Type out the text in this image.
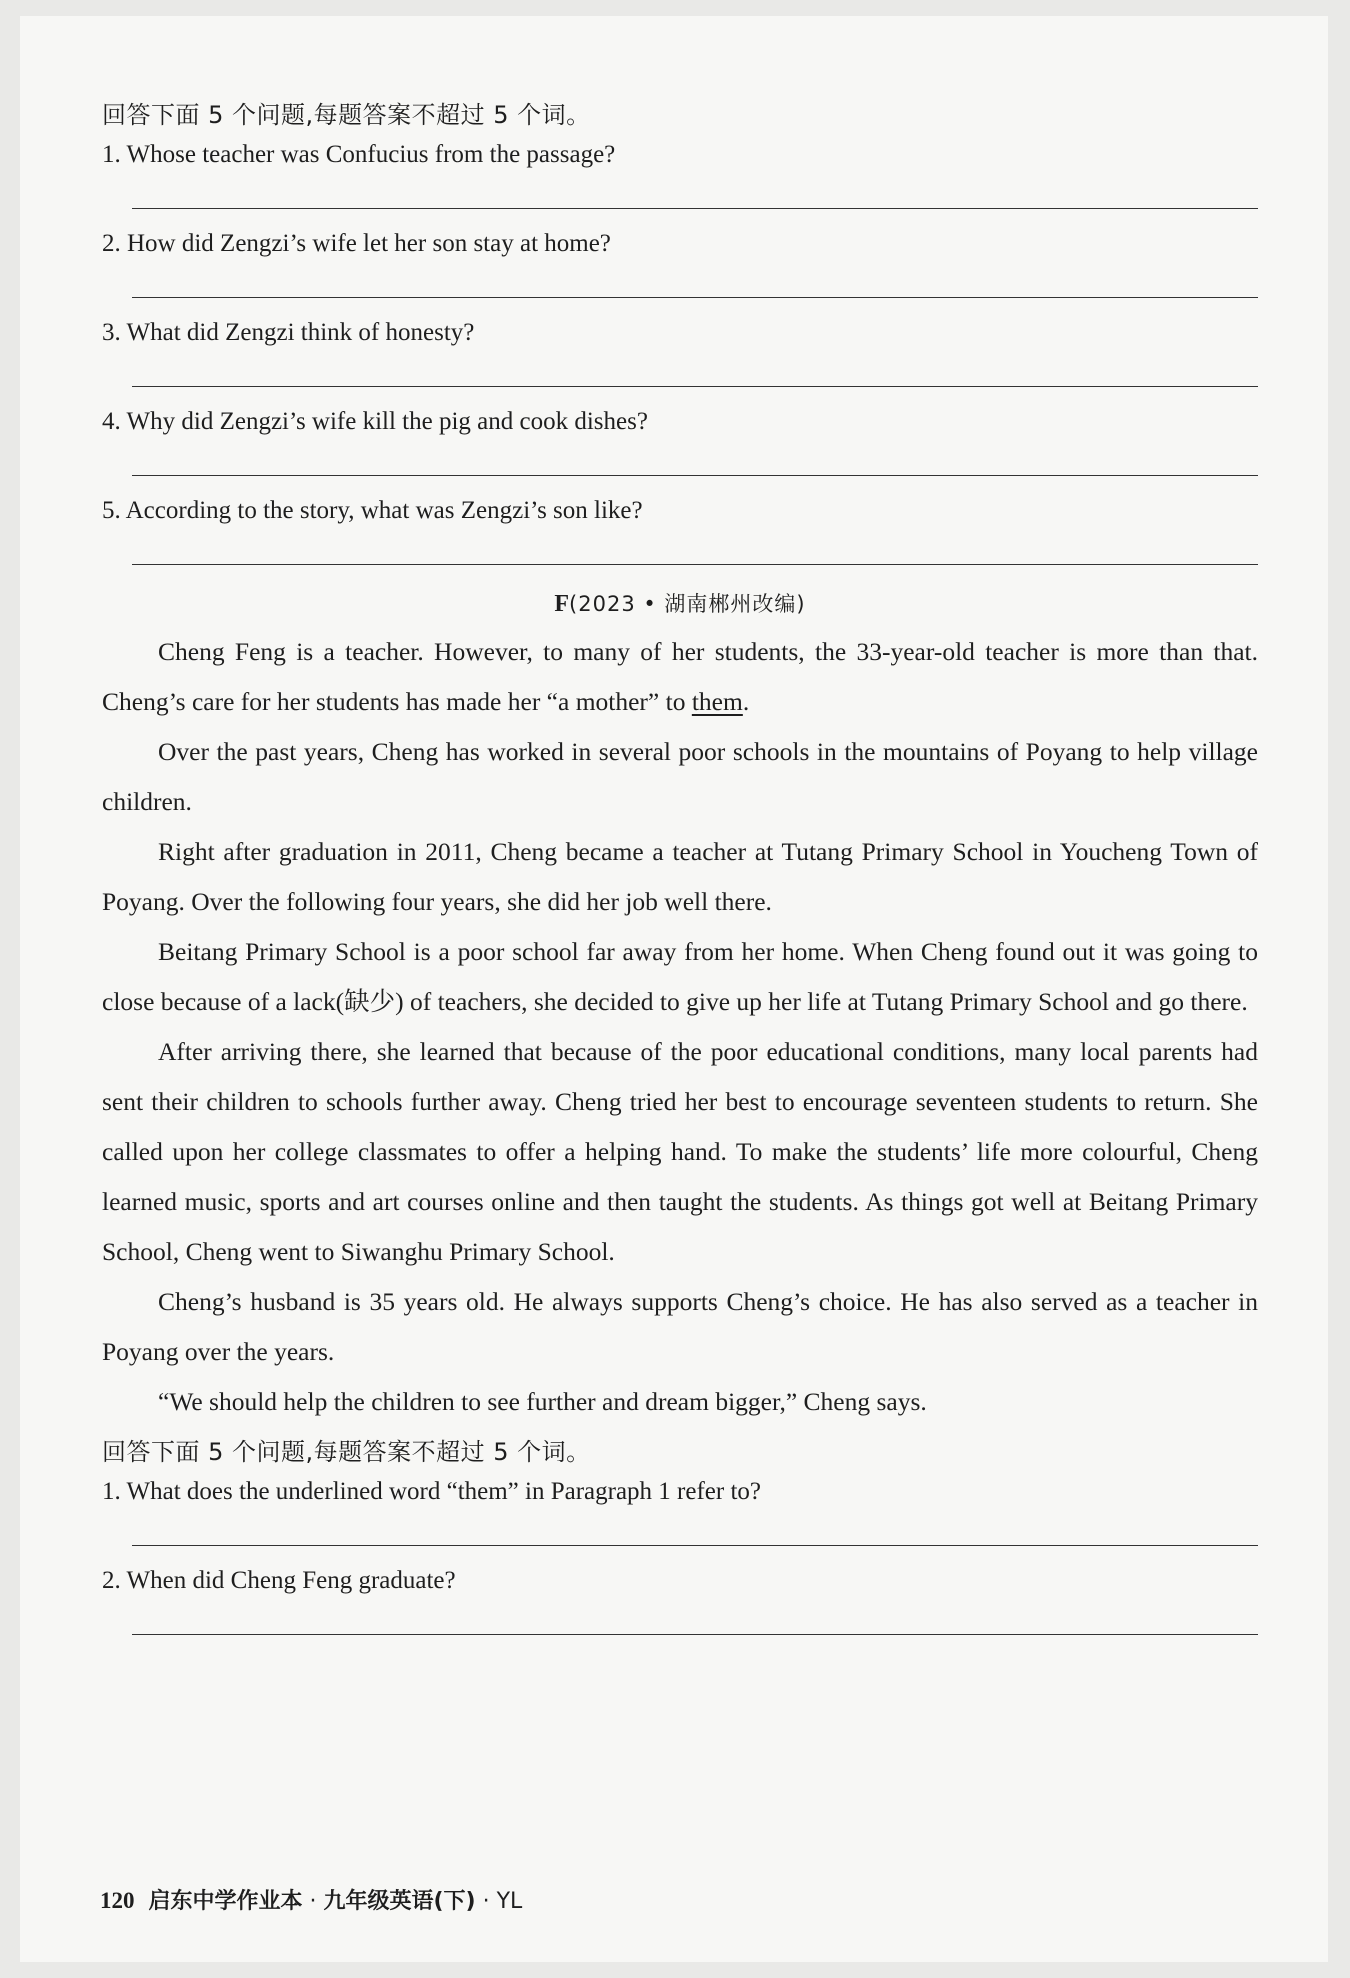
回答下面 5 个问题,每题答案不超过 5 个词。
1. Whose teacher was Confucius from the passage?
2. How did Zengzi’s wife let her son stay at home?
3. What did Zengzi think of honesty?
4. Why did Zengzi’s wife kill the pig and cook dishes?
5. According to the story, what was Zengzi’s son like?
F(2023 • 湖南郴州改编)

Cheng Feng is a teacher. However, to many of her students, the 33-year-old teacher is more than that. Cheng’s care for her students has made her “a mother” to them.

Over the past years, Cheng has worked in several poor schools in the mountains of Poyang to help village children.

Right after graduation in 2011, Cheng became a teacher at Tutang Primary School in Youcheng Town of Poyang. Over the following four years, she did her job well there.

Beitang Primary School is a poor school far away from her home. When Cheng found out it was going to close because of a lack(缺少) of teachers, she decided to give up her life at Tutang Primary School and go there.

After arriving there, she learned that because of the poor educational conditions, many local parents had sent their children to schools further away. Cheng tried her best to encourage seventeen students to return. She called upon her college classmates to offer a helping hand. To make the students’ life more colourful, Cheng learned music, sports and art courses online and then taught the students. As things got well at Beitang Primary School, Cheng went to Siwanghu Primary School.

Cheng’s husband is 35 years old. He always supports Cheng’s choice. He has also served as a teacher in Poyang over the years.

“We should help the children to see further and dream bigger,” Cheng says.

回答下面 5 个问题,每题答案不超过 5 个词。
1. What does the underlined word “them” in Paragraph 1 refer to?
2. When did Cheng Feng graduate?
120 启东中学作业本 · 九年级英语(下) · YL
